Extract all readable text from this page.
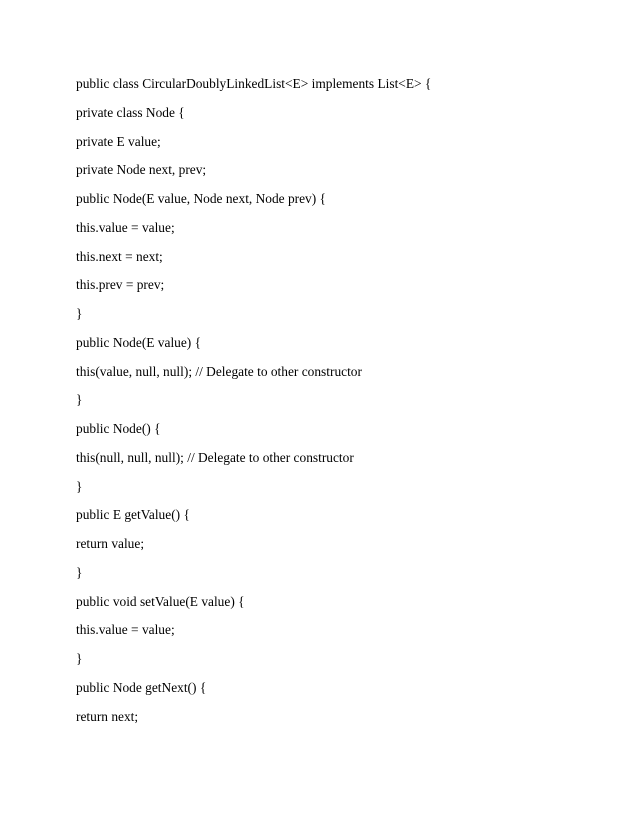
public class CircularDoublyLinkedList<E> implements List<E> {
private class Node {
private E value;
private Node next, prev;
public Node(E value, Node next, Node prev) {
this.value = value;
this.next = next;
this.prev = prev;
}
public Node(E value) {
this(value, null, null); // Delegate to other constructor
}
public Node() {
this(null, null, null); // Delegate to other constructor
}
public E getValue() {
return value;
}
public void setValue(E value) {
this.value = value;
}
public Node getNext() {
return next;
